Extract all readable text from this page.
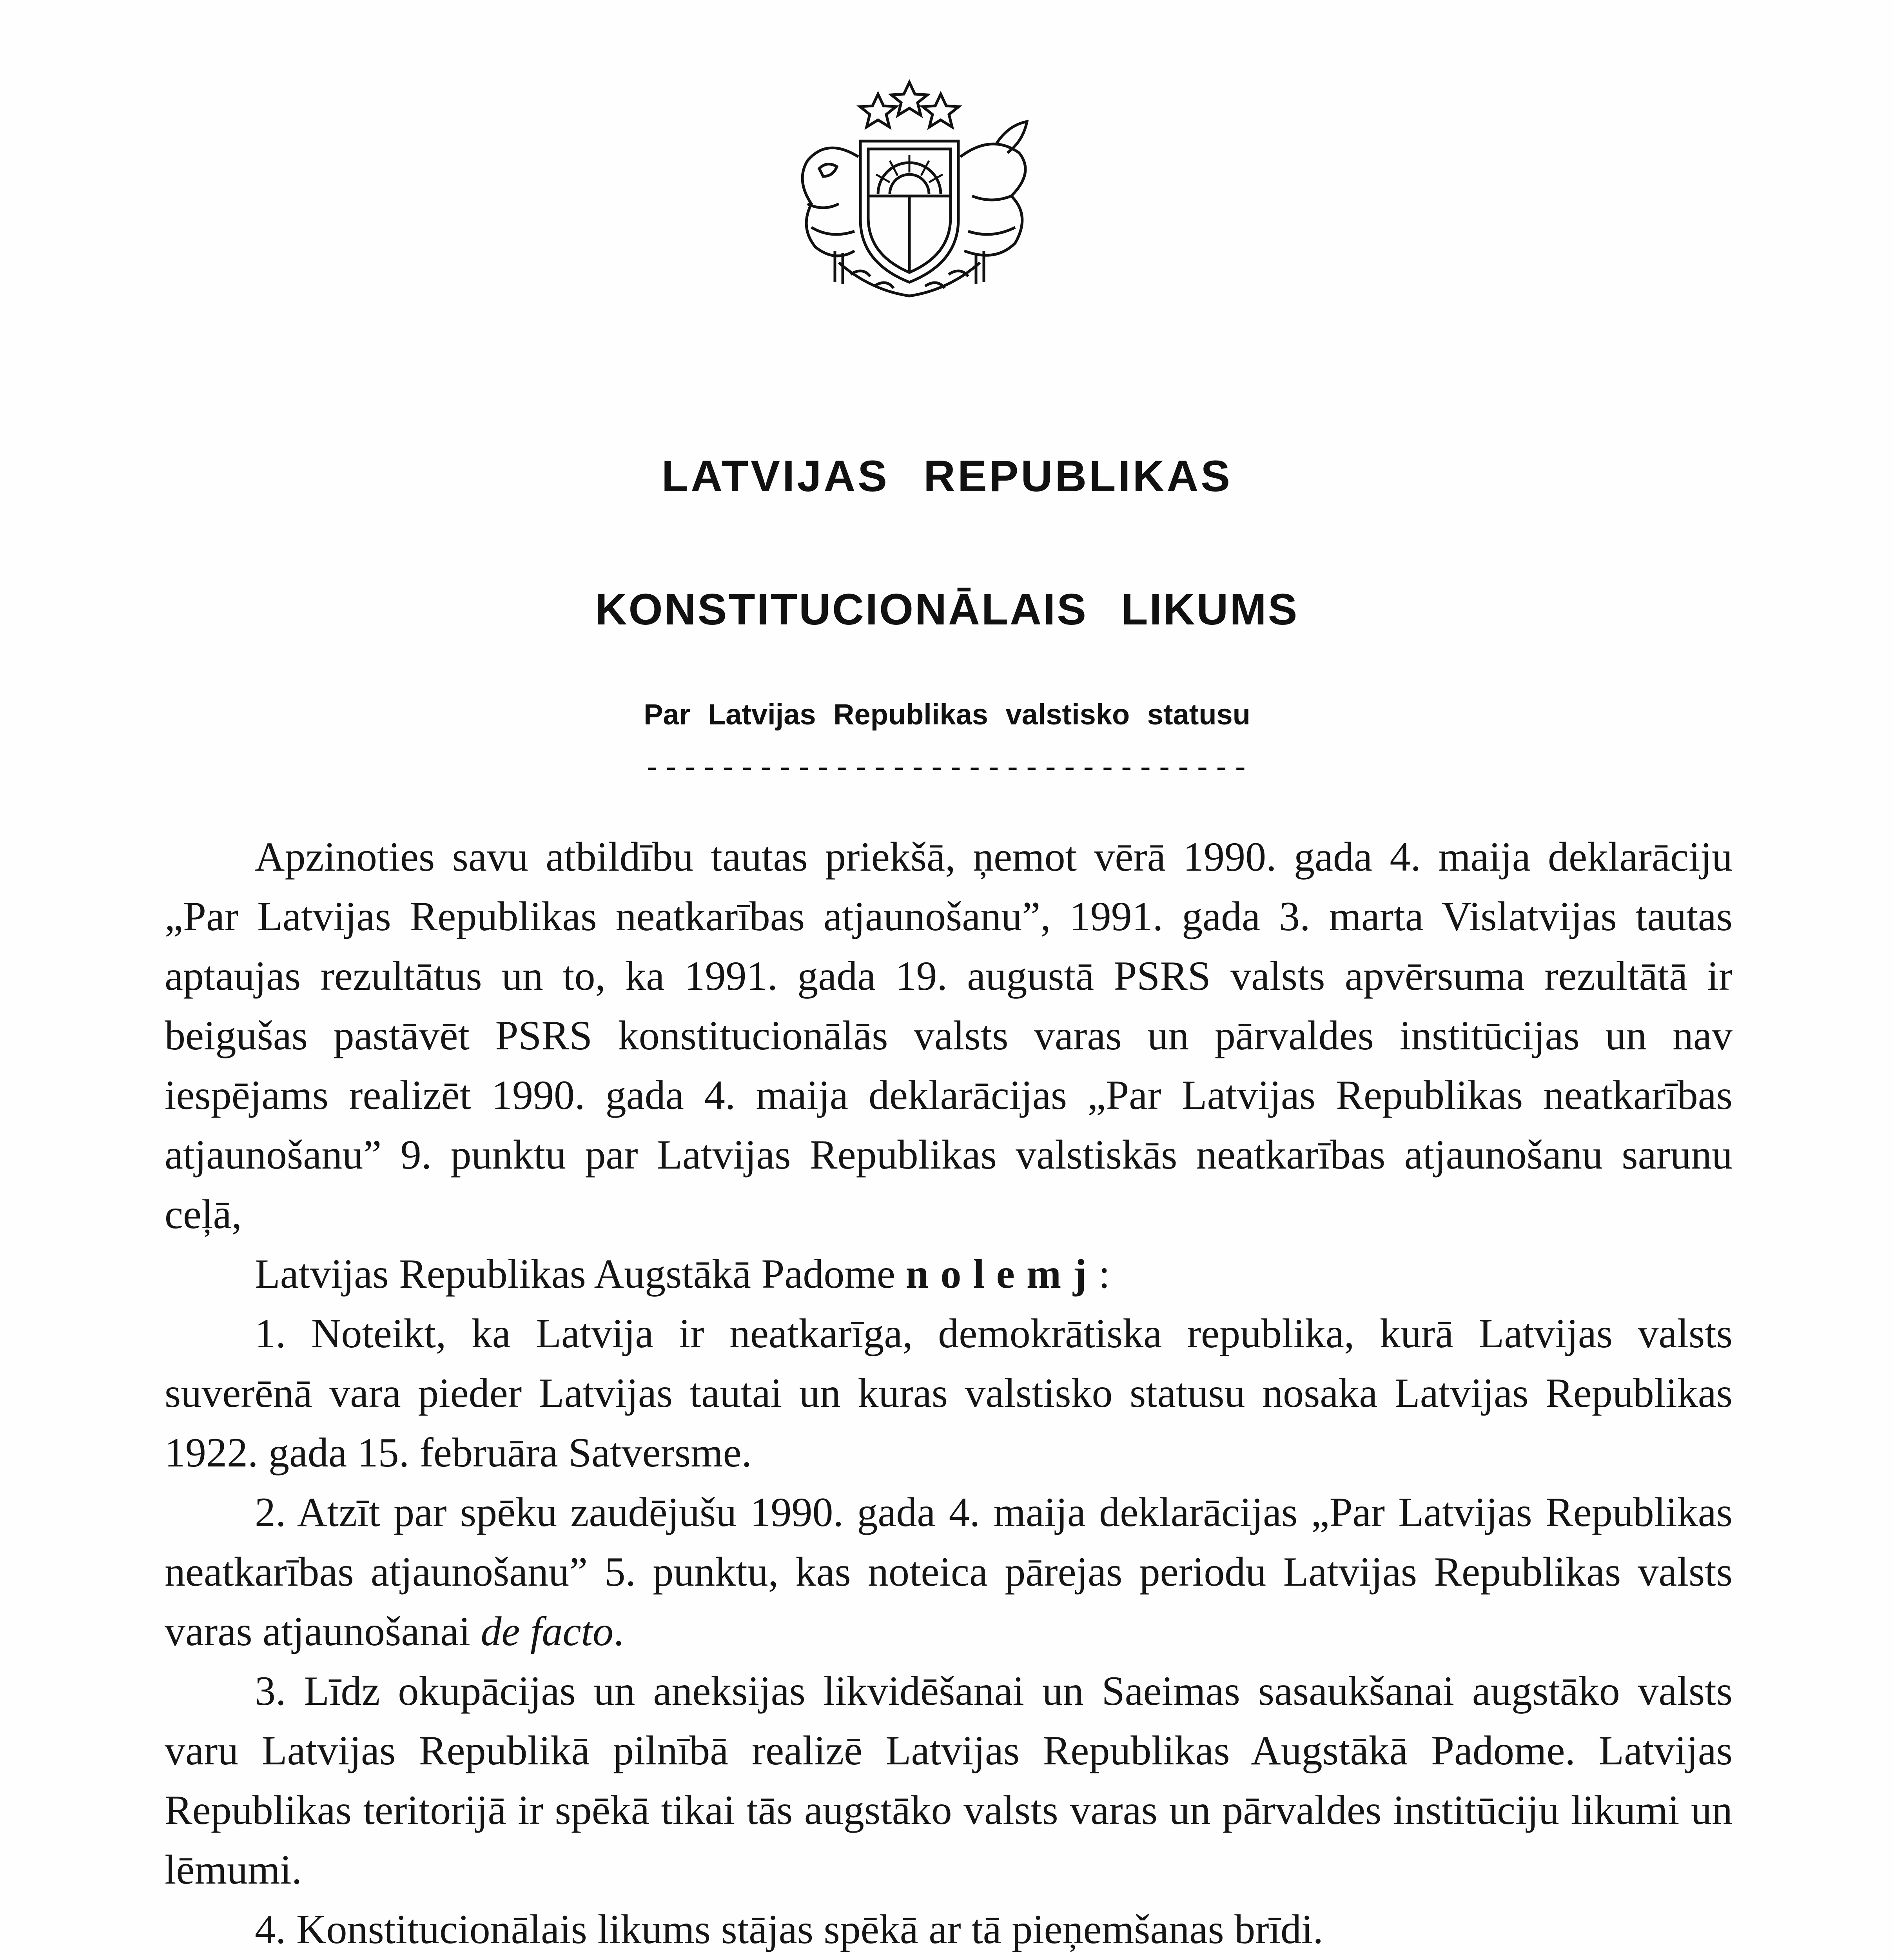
LATVIJAS REPUBLIKAS
KONSTITUCIONĀLAIS LIKUMS
Par Latvijas Republikas valstisko statusu
--------------------------------

Apzinoties savu atbildību tautas priekšā, ņemot vērā 1990. gada 4. maija deklarāciju „Par Latvijas Republikas neatkarības atjaunošanu”, 1991. gada 3. marta Vislatvijas tautas aptaujas rezultātus un to, ka 1991. gada 19. augustā PSRS valsts apvērsuma rezultātā ir beigušas pastāvēt PSRS konstitucionālās valsts varas un pārvaldes institūcijas un nav iespējams realizēt 1990. gada 4. maija deklarācijas „Par Latvijas Republikas neatkarības atjaunošanu” 9. punktu par Latvijas Republikas valstiskās neatkarības atjaunošanu sarunu ceļā,

Latvijas Republikas Augstākā Padome nolemj:

1. Noteikt, ka Latvija ir neatkarīga, demokrātiska republika, kurā Latvijas valsts suverēnā vara pieder Latvijas tautai un kuras valstisko statusu nosaka Latvijas Republikas 1922. gada 15. februāra Satversme.

2. Atzīt par spēku zaudējušu 1990. gada 4. maija deklarācijas „Par Latvijas Republikas neatkarības atjaunošanu” 5. punktu, kas noteica pārejas periodu Latvijas Republikas valsts varas atjaunošanai de facto.

3. Līdz okupācijas un aneksijas likvidēšanai un Saeimas sasaukšanai augstāko valsts varu Latvijas Republikā pilnībā realizē Latvijas Republikas Augstākā Padome. Latvijas Republikas teritorijā ir spēkā tikai tās augstāko valsts varas un pārvaldes institūciju likumi un lēmumi.

4. Konstitucionālais likums stājas spēkā ar tā pieņemšanas brīdi.
